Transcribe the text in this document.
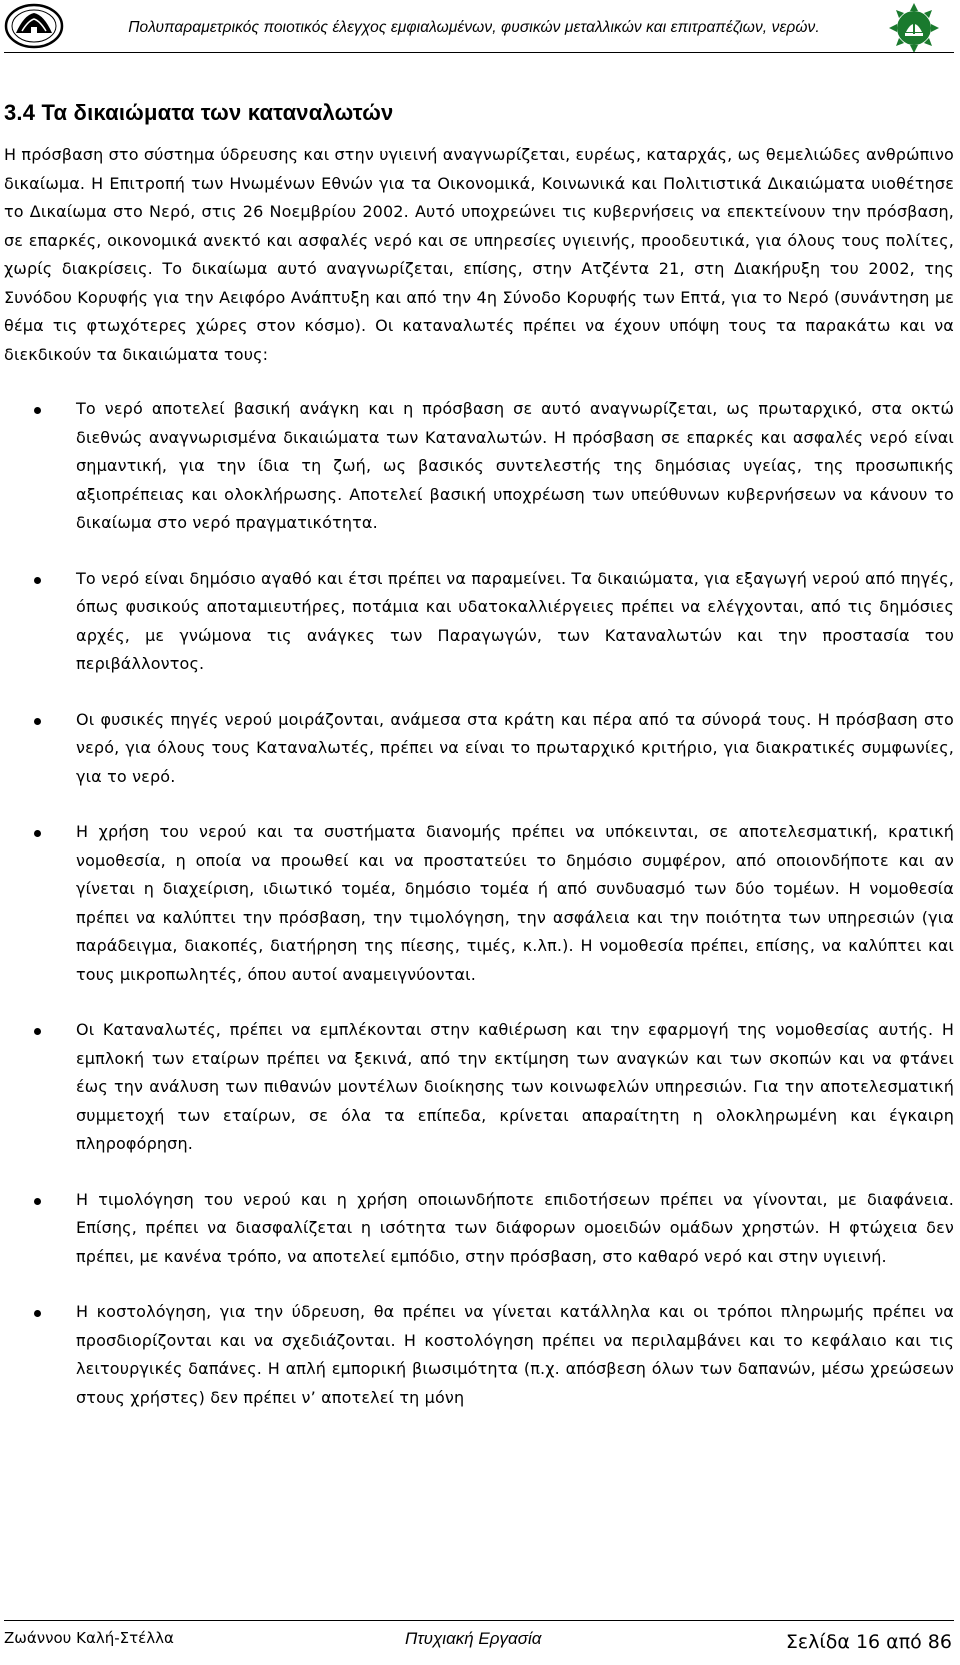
Πολυπαραμετρικός ποιοτικός έλεγχος εμφιαλωμένων, φυσικών μεταλλικών και επιτραπέζιων, νερών.
3.4 Τα δικαιώματα των καταναλωτών

Η πρόσβαση στο σύστημα ύδρευσης και στην υγιεινή αναγνωρίζεται, ευρέως, καταρχάς, ως θεμελιώδες ανθρώπινο δικαίωμα. Η Επιτροπή των Ηνωμένων Εθνών για τα Οικονομικά, Κοινωνικά και Πολιτιστικά Δικαιώματα υιοθέτησε το Δικαίωμα στο Νερό, στις 26 Νοεμβρίου 2002. Αυτό υποχρεώνει τις κυβερνήσεις να επεκτείνουν την πρόσβαση, σε επαρκές, οικονομικά ανεκτό και ασφαλές νερό και σε υπηρεσίες υγιεινής, προοδευτικά, για όλους τους πολίτες, χωρίς διακρίσεις. Το δικαίωμα αυτό αναγνωρίζεται, επίσης, στην Ατζέντα 21, στη Διακήρυξη του 2002, της Συνόδου Κορυφής για την Αειφόρο Ανάπτυξη και από την 4η Σύνοδο Κορυφής των Επτά, για το Νερό (συνάντηση με θέμα τις φτωχότερες χώρες στον κόσμο). Οι καταναλωτές πρέπει να έχουν υπόψη τους τα παρακάτω και να διεκδικούν τα δικαιώματα τους:

Το νερό αποτελεί βασική ανάγκη και η πρόσβαση σε αυτό αναγνωρίζεται, ως πρωταρχικό, στα οκτώ διεθνώς αναγνωρισμένα δικαιώματα των Καταναλωτών. Η πρόσβαση σε επαρκές και ασφαλές νερό είναι σημαντική, για την ίδια τη ζωή, ως βασικός συντελεστής της δημόσιας υγείας, της προσωπικής αξιοπρέπειας και ολοκλήρωσης. Αποτελεί βασική υποχρέωση των υπεύθυνων κυβερνήσεων να κάνουν το δικαίωμα στο νερό πραγματικότητα.
Το νερό είναι δημόσιο αγαθό και έτσι πρέπει να παραμείνει. Τα δικαιώματα, για εξαγωγή νερού από πηγές, όπως φυσικούς αποταμιευτήρες, ποτάμια και υδατοκαλλιέργειες πρέπει να ελέγχονται, από τις δημόσιες αρχές, με γνώμονα τις ανάγκες των Παραγωγών, των Καταναλωτών και την προστασία του περιβάλλοντος.
Οι φυσικές πηγές νερού μοιράζονται, ανάμεσα στα κράτη και πέρα από τα σύνορά τους. Η πρόσβαση στο νερό, για όλους τους Καταναλωτές, πρέπει να είναι το πρωταρχικό κριτήριο, για διακρατικές συμφωνίες, για το νερό.
Η χρήση του νερού και τα συστήματα διανομής πρέπει να υπόκεινται, σε αποτελεσματική, κρατική νομοθεσία, η οποία να προωθεί και να προστατεύει το δημόσιο συμφέρον, από οποιονδήποτε και αν γίνεται η διαχείριση, ιδιωτικό τομέα, δημόσιο τομέα ή από συνδυασμό των δύο τομέων. Η νομοθεσία πρέπει να καλύπτει την πρόσβαση, την τιμολόγηση, την ασφάλεια και την ποιότητα των υπηρεσιών (για παράδειγμα, διακοπές, διατήρηση της πίεσης, τιμές, κ.λπ.). Η νομοθεσία πρέπει, επίσης, να καλύπτει και τους μικροπωλητές, όπου αυτοί αναμειγνύονται.
Οι Καταναλωτές, πρέπει να εμπλέκονται στην καθιέρωση και την εφαρμογή της νομοθεσίας αυτής. Η εμπλοκή των εταίρων πρέπει να ξεκινά, από την εκτίμηση των αναγκών και των σκοπών και να φτάνει έως την ανάλυση των πιθανών μοντέλων διοίκησης των κοινωφελών υπηρεσιών. Για την αποτελεσματική συμμετοχή των εταίρων, σε όλα τα επίπεδα, κρίνεται απαραίτητη η ολοκληρωμένη και έγκαιρη πληροφόρηση.
Η τιμολόγηση του νερού και η χρήση οποιωνδήποτε επιδοτήσεων πρέπει να γίνονται, με διαφάνεια. Επίσης, πρέπει να διασφαλίζεται η ισότητα των διάφορων ομοειδών ομάδων χρηστών. Η φτώχεια δεν πρέπει, με κανένα τρόπο, να αποτελεί εμπόδιο, στην πρόσβαση, στο καθαρό νερό και στην υγιεινή.
Η κοστολόγηση, για την ύδρευση, θα πρέπει να γίνεται κατάλληλα και οι τρόποι πληρωμής πρέπει να προσδιορίζονται και να σχεδιάζονται. Η κοστολόγηση πρέπει να περιλαμβάνει και το κεφάλαιο και τις λειτουργικές δαπάνες. Η απλή εμπορική βιωσιμότητα (π.χ. απόσβεση όλων των δαπανών, μέσω χρεώσεων στους χρήστες) δεν πρέπει ν’ αποτελεί τη μόνη
Ζωάννου Καλή-Στέλλα	Πτυχιακή Εργασία	Σελίδα 16 από 86
